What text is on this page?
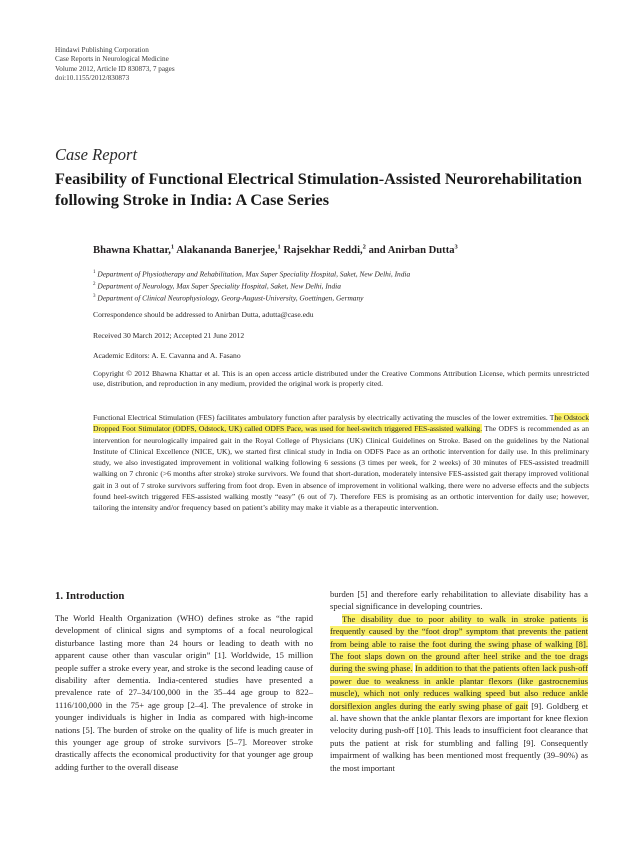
Hindawi Publishing Corporation
Case Reports in Neurological Medicine
Volume 2012, Article ID 830873, 7 pages
doi:10.1155/2012/830873
Case Report
Feasibility of Functional Electrical Stimulation-Assisted Neurorehabilitation following Stroke in India: A Case Series
Bhawna Khattar,$^1$ Alakananda Banerjee,$^1$ Rajsekhar Reddi,$^2$ and Anirban Dutta$^3$
$^1$ Department of Physiotherapy and Rehabilitation, Max Super Speciality Hospital, Saket, New Delhi, India
$^2$ Department of Neurology, Max Super Speciality Hospital, Saket, New Delhi, India
$^3$ Department of Clinical Neurophysiology, Georg-August-University, Goettingen, Germany
Correspondence should be addressed to Anirban Dutta, adutta@case.edu
Received 30 March 2012; Accepted 21 June 2012
Academic Editors: A. E. Cavanna and A. Fasano
Copyright © 2012 Bhawna Khattar et al. This is an open access article distributed under the Creative Commons Attribution License, which permits unrestricted use, distribution, and reproduction in any medium, provided the original work is properly cited.
Functional Electrical Stimulation (FES) facilitates ambulatory function after paralysis by electrically activating the muscles of the lower extremities. The Odstock Dropped Foot Stimulator (ODFS, Odstock, UK) called ODFS Pace, was used for heel-switch triggered FES-assisted walking. The ODFS is recommended as an intervention for neurologically impaired gait in the Royal College of Physicians (UK) Clinical Guidelines on Stroke. Based on the guidelines by the National Institute of Clinical Excellence (NICE, UK), we started first clinical study in India on ODFS Pace as an orthotic intervention for daily use. In this preliminary study, we also investigated improvement in volitional walking following 6 sessions (3 times per week, for 2 weeks) of 30 minutes of FES-assisted treadmill walking on 7 chronic (>6 months after stroke) stroke survivors. We found that short-duration, moderately intensive FES-assisted gait therapy improved volitional gait in 3 out of 7 stroke survivors suffering from foot drop. Even in absence of improvement in volitional walking, there were no adverse effects and the subjects found heel-switch triggered FES-assisted walking mostly “easy” (6 out of 7). Therefore FES is promising as an orthotic intervention for daily use; however, tailoring the intensity and/or frequency based on patient’s ability may make it viable as a therapeutic intervention.
1. Introduction

The World Health Organization (WHO) defines stroke as “the rapid development of clinical signs and symptoms of a focal neurological disturbance lasting more than 24 hours or leading to death with no apparent cause other than vascular origin” [1]. Worldwide, 15 million people suffer a stroke every year, and stroke is the second leading cause of disability after dementia. India-centered studies have presented a prevalence rate of 27–34/100,000 in the 35–44 age group to 822–1116/100,000 in the 75+ age group [2–4]. The prevalence of stroke in younger individuals is higher in India as compared with high-income nations [5]. The burden of stroke on the quality of life is much greater in this younger age group of stroke survivors [5–7]. Moreover stroke drastically affects the economical productivity for that younger age group adding further to the overall disease

burden [5] and therefore early rehabilitation to alleviate disability has a special significance in developing countries.

The disability due to poor ability to walk in stroke patients is frequently caused by the “foot drop” symptom that prevents the patient from being able to raise the foot during the swing phase of walking [8]. The foot slaps down on the ground after heel strike and the toe drags during the swing phase. In addition to that the patients often lack push-off power due to weakness in ankle plantar flexors (like gastrocnemius muscle), which not only reduces walking speed but also reduce ankle dorsiflexion angles during the early swing phase of gait [9]. Goldberg et al. have shown that the ankle plantar flexors are important for knee flexion velocity during push-off [10]. This leads to insufficient foot clearance that puts the patient at risk for stumbling and falling [9]. Consequently impairment of walking has been mentioned most frequently (39–90%) as the most important
